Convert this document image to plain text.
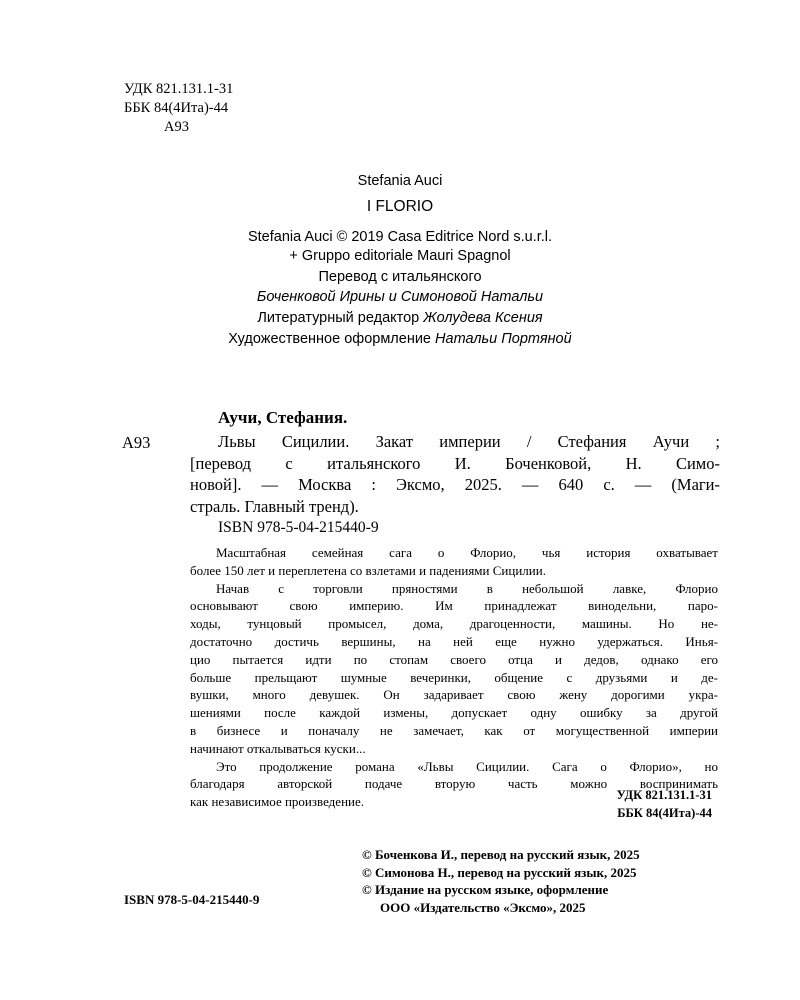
УДК 821.131.1-31
ББК 84(4Ита)-44
А93
Stefania Auci
I FLORIO
Stefania Auci © 2019 Casa Editrice Nord s.u.r.l.
+ Gruppo editoriale Mauri Spagnol
Перевод с итальянского
Боченковой Ирины и Симоновой Натальи
Литературный редактор Жолудева Ксения
Художественное оформление Натальи Портяной
Аучи, Стефания.
А93	Львы Сицилии. Закат империи / Стефания Аучи ;
[перевод с итальянского И. Боченковой, Н. Симо-
новой]. — Москва : Эксмо, 2025. — 640 с. — (Маги-
страль. Главный тренд).
ISBN 978-5-04-215440-9
Масштабная семейная сага о Флорио, чья история охватывает
более 150 лет и переплетена со взлетами и падениями Сицилии.
Начав с торговли пряностями в небольшой лавке, Флорио
основывают свою империю. Им принадлежат винодельни, паро-
ходы, тунцовый промысел, дома, драгоценности, машины. Но не-
достаточно достичь вершины, на ней еще нужно удержаться. Инья-
цио пытается идти по стопам своего отца и дедов, однако его
больше прельщают шумные вечеринки, общение с друзьями и де-
вушки, много девушек. Он задаривает свою жену дорогими укра-
шениями после каждой измены, допускает одну ошибку за другой
в бизнесе и поначалу не замечает, как от могущественной империи
начинают откалываться куски...
Это продолжение романа «Львы Сицилии. Сага о Флорио», но
благодаря авторской подаче вторую часть можно воспринимать
как независимое произведение.	УДК 821.131.1-31
ББК 84(4Ита)-44
© Боченкова И., перевод на русский язык, 2025
© Симонова Н., перевод на русский язык, 2025
© Издание на русском языке, оформление
ООО «Издательство «Эксмо», 2025
ISBN 978-5-04-215440-9
